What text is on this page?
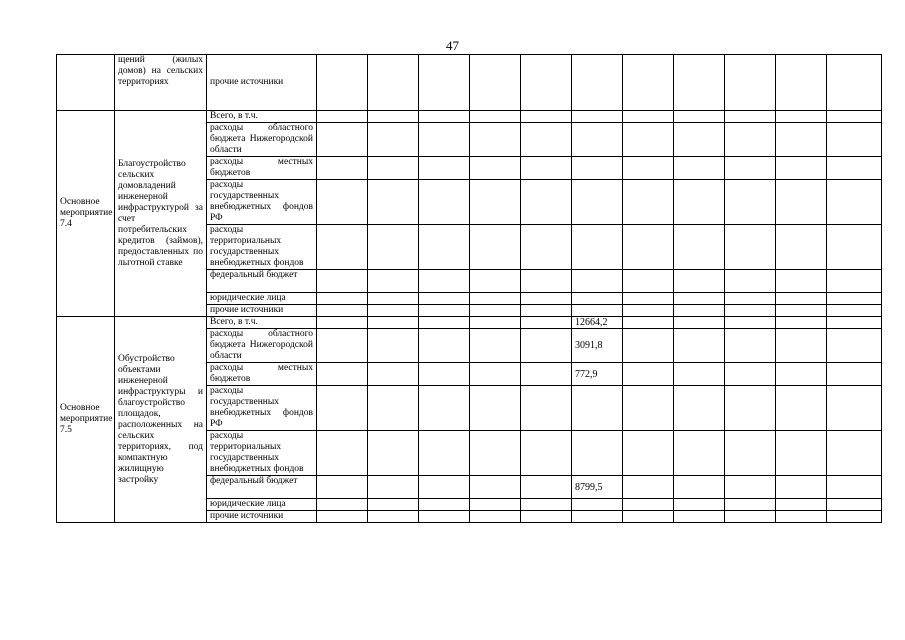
47
	щений (жилых домов) на сельских территориях	прочие источники											
Основное мероприятие 7.4	Благоустройство сельских домовладений инженерной инфраструктурой за счет потребительских кредитов (займов), предоставленных по льготной ставке	Всего, в т.ч.											
		расходы областного бюджета Нижегородской области											
		расходы местных бюджетов											
		расходы государственных внебюджетных фондов РФ											
		расходы территориальных государственных внебюджетных фондов											
		федеральный бюджет											
		юридические лица											
		прочие источники											
Основное мероприятие 7.5	Обустройство объектами инженерной инфраструктуры и благоустройство площадок, расположенных на сельских территориях, под компактную жилищную застройку	Всего, в т.ч.						12664,2					
		расходы областного бюджета Нижегородской области						3091,8					
		расходы местных бюджетов						772,9					
		расходы государственных внебюджетных фондов РФ											
		расходы территориальных государственных внебюджетных фондов											
		федеральный бюджет						8799,5					
		юридические лица											
		прочие источники											
